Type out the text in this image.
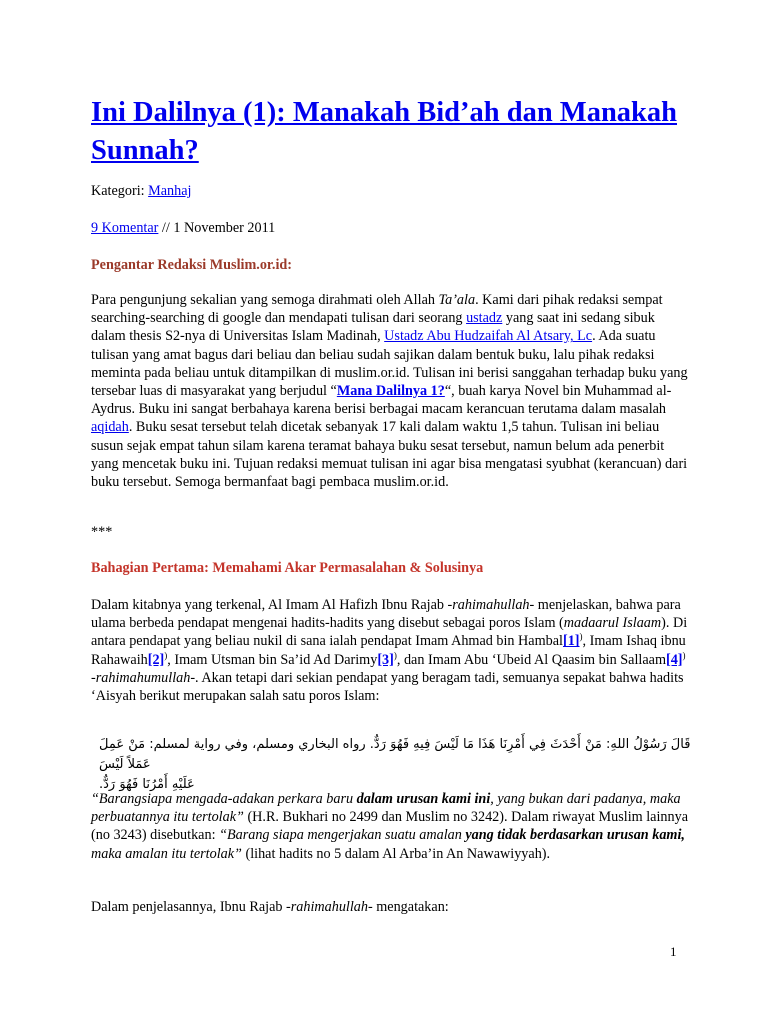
Ini Dalilnya (1): Manakah Bid’ah dan Manakah Sunnah?
Kategori: Manhaj
9 Komentar // 1 November 2011
Pengantar Redaksi Muslim.or.id:

Para pengunjung sekalian yang semoga dirahmati oleh Allah Ta’ala. Kami dari pihak redaksi sempat searching-searching di google dan mendapati tulisan dari seorang ustadz yang saat ini sedang sibuk dalam thesis S2-nya di Universitas Islam Madinah, Ustadz Abu Hudzaifah Al Atsary, Lc. Ada suatu tulisan yang amat bagus dari beliau dan beliau sudah sajikan dalam bentuk buku, lalu pihak redaksi meminta pada beliau untuk ditampilkan di muslim.or.id. Tulisan ini berisi sanggahan terhadap buku yang tersebar luas di masyarakat yang berjudul “Mana Dalilnya 1?“, buah karya Novel bin Muhammad al-Aydrus. Buku ini sangat berbahaya karena berisi berbagai macam kerancuan terutama dalam masalah aqidah. Buku sesat tersebut telah dicetak sebanyak 17 kali dalam waktu 1,5 tahun. Tulisan ini beliau susun sejak empat tahun silam karena teramat bahaya buku sesat tersebut, namun belum ada penerbit yang mencetak buku ini. Tujuan redaksi memuat tulisan ini agar bisa mengatasi syubhat (kerancuan) dari buku tersebut. Semoga bermanfaat bagi pembaca muslim.or.id.

***
Bahagian Pertama: Memahami Akar Permasalahan & Solusinya

Dalam kitabnya yang terkenal, Al Imam Al Hafizh Ibnu Rajab -rahimahullah- menjelaskan, bahwa para ulama berbeda pendapat mengenai hadits-hadits yang disebut sebagai poros Islam (madaarul Islaam). Di antara pendapat yang beliau nukil di sana ialah pendapat Imam Ahmad bin Hambal[1]), Imam Ishaq ibnu Rahawaih[2]), Imam Utsman bin Sa’id Ad Darimy[3]), dan Imam Abu ‘Ubeid Al Qaasim bin Sallaam[4]) -rahimahumullah-. Akan tetapi dari sekian pendapat yang beragam tadi, semuanya sepakat bahwa hadits ‘Aisyah berikut merupakan salah satu poros Islam:

قَالَ رَسُوْلُ اللهِ: مَنْ أَحْدَثَ فِي أَمْرِنَا هَذَا مَا لَيْسَ فِيهِ فَهُوَ رَدٌّ. رواه البخاري ومسلم، وفي رواية لمسلم: مَنْ عَمِلَ عَمَلاً لَيْسَ
عَلَيْهِ أَمْرُنَا فَهُوَ رَدٌّ.

“Barangsiapa mengada-adakan perkara baru dalam urusan kami ini, yang bukan dari padanya, maka perbuatannya itu tertolak” (H.R. Bukhari no 2499 dan Muslim no 3242). Dalam riwayat Muslim lainnya (no 3243) disebutkan: “Barang siapa mengerjakan suatu amalan yang tidak berdasarkan urusan kami, maka amalan itu tertolak” (lihat hadits no 5 dalam Al Arba’in An Nawawiyyah).

Dalam penjelasannya, Ibnu Rajab -rahimahullah- mengatakan:

1
